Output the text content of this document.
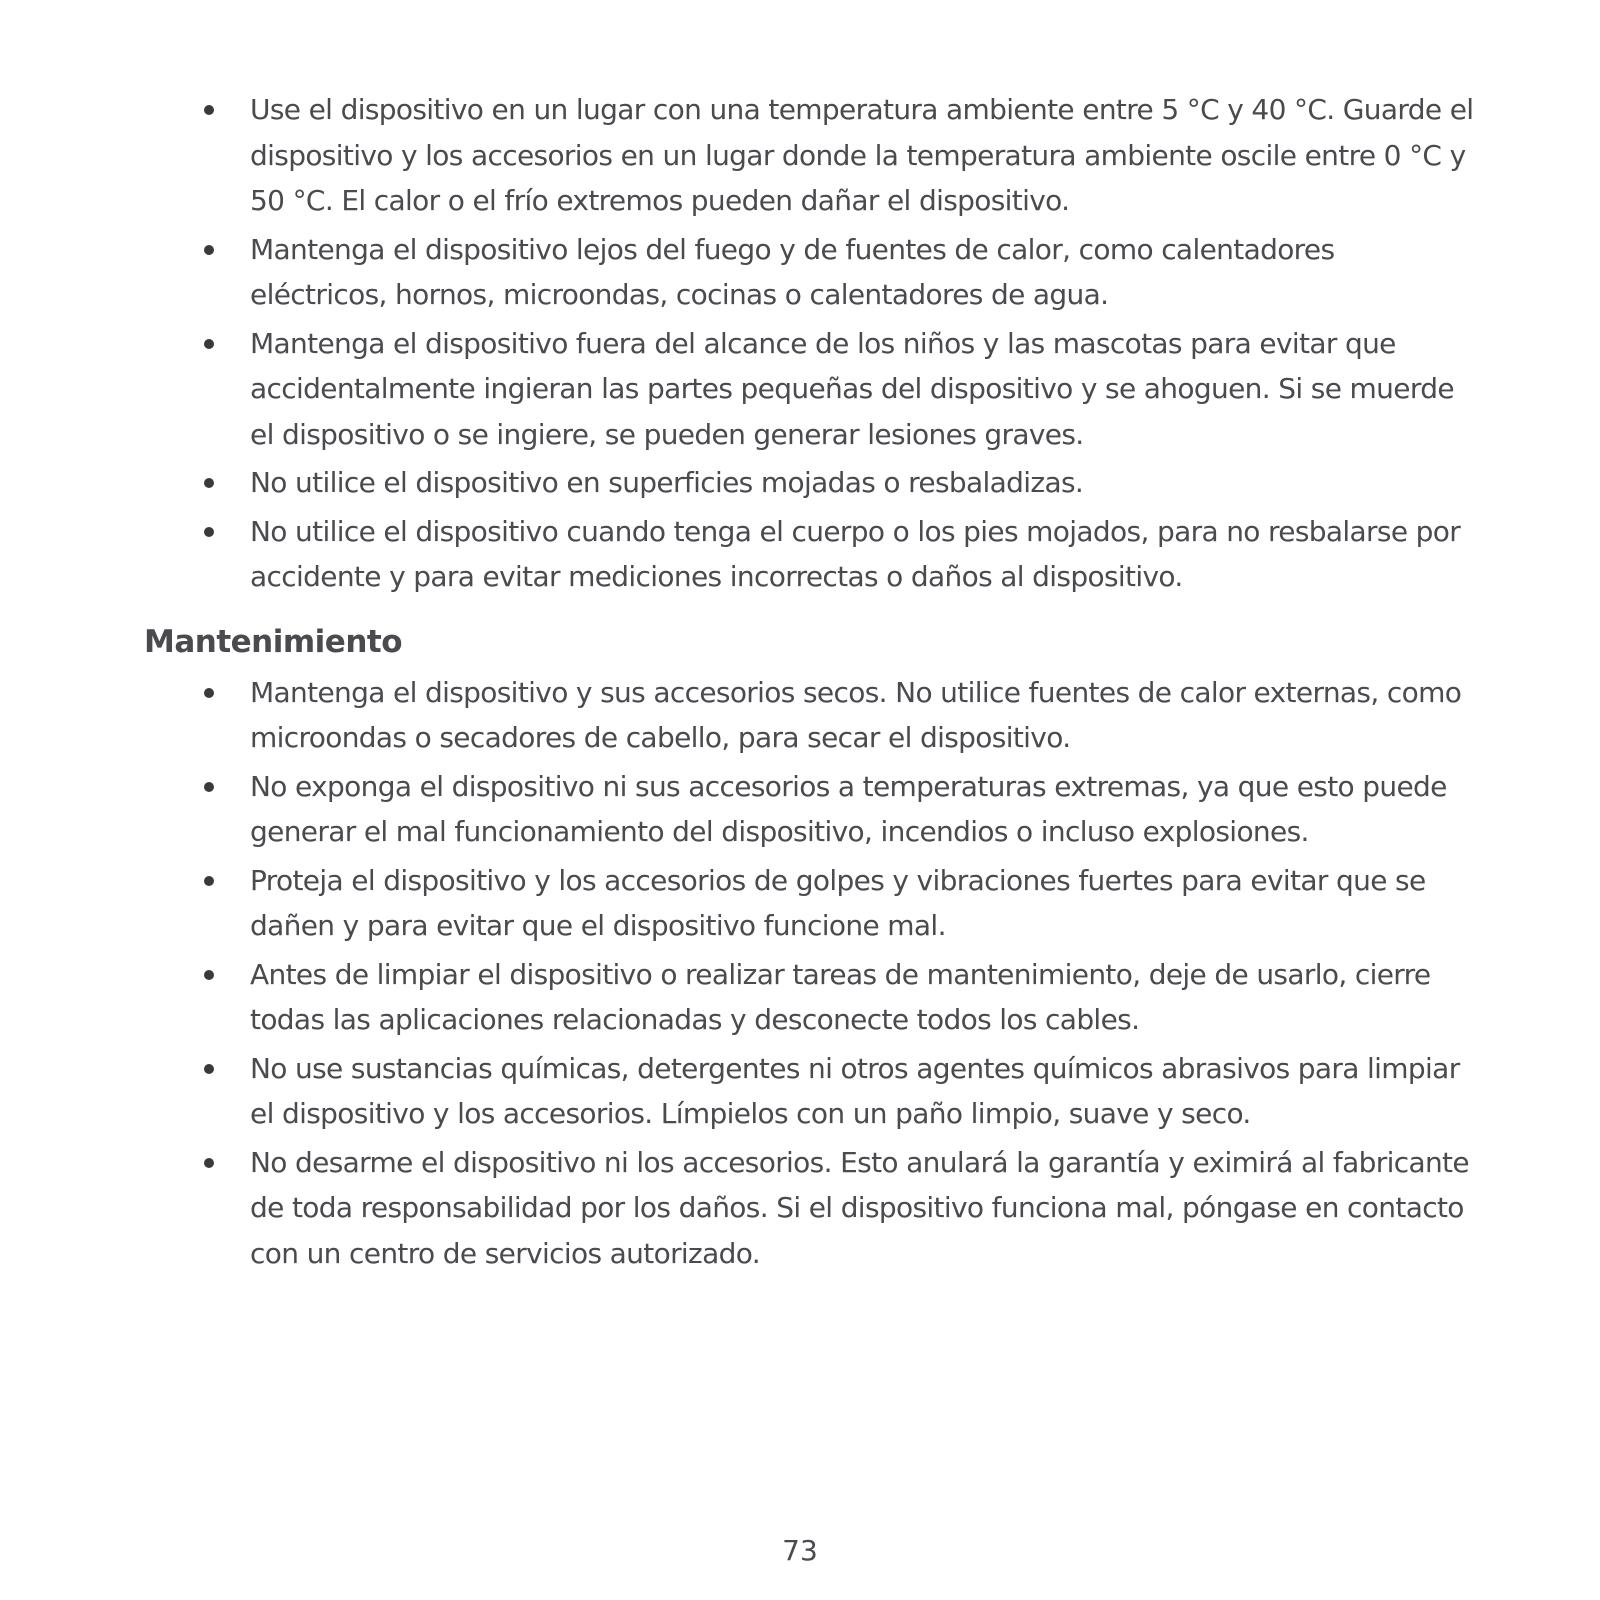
Use el dispositivo en un lugar con una temperatura ambiente entre 5 °C y 40 °C. Guarde el dispositivo y los accesorios en un lugar donde la temperatura ambiente oscile entre 0 °C y 50 °C. El calor o el frío extremos pueden dañar el dispositivo.
Mantenga el dispositivo lejos del fuego y de fuentes de calor, como calentadores eléctricos, hornos, microondas, cocinas o calentadores de agua.
Mantenga el dispositivo fuera del alcance de los niños y las mascotas para evitar que accidentalmente ingieran las partes pequeñas del dispositivo y se ahoguen. Si se muerde el dispositivo o se ingiere, se pueden generar lesiones graves.
No utilice el dispositivo en superficies mojadas o resbaladizas.
No utilice el dispositivo cuando tenga el cuerpo o los pies mojados, para no resbalarse por accidente y para evitar mediciones incorrectas o daños al dispositivo.
Mantenimiento
Mantenga el dispositivo y sus accesorios secos. No utilice fuentes de calor externas, como microondas o secadores de cabello, para secar el dispositivo.
No exponga el dispositivo ni sus accesorios a temperaturas extremas, ya que esto puede generar el mal funcionamiento del dispositivo, incendios o incluso explosiones.
Proteja el dispositivo y los accesorios de golpes y vibraciones fuertes para evitar que se dañen y para evitar que el dispositivo funcione mal.
Antes de limpiar el dispositivo o realizar tareas de mantenimiento, deje de usarlo, cierre todas las aplicaciones relacionadas y desconecte todos los cables.
No use sustancias químicas, detergentes ni otros agentes químicos abrasivos para limpiar el dispositivo y los accesorios. Límpielos con un paño limpio, suave y seco.
No desarme el dispositivo ni los accesorios. Esto anulará la garantía y eximirá al fabricante de toda responsabilidad por los daños. Si el dispositivo funciona mal, póngase en contacto con un centro de servicios autorizado.
73
